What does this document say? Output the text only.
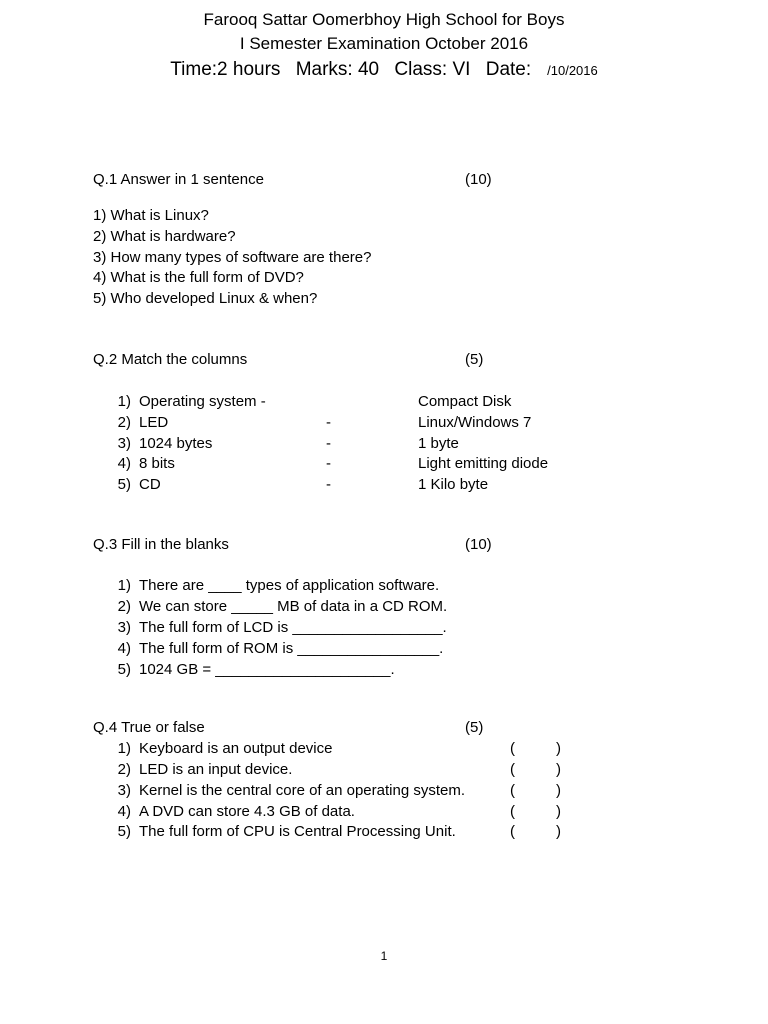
Farooq Sattar Oomerbhoy High School for Boys
I Semester Examination October 2016
Time:2 hours Marks: 40 Class: VI Date: /10/2016
Q.1 Answer in 1 sentence	(10)
1) What is Linux?
2) What is hardware?
3) How many types of software are there?
4) What is the full form of DVD?
5) Who developed Linux & when?
Q.2 Match the columns	(5)
1) Operating system -	Compact Disk
2) LED	-	Linux/Windows 7
3) 1024 bytes	-	1 byte
4) 8 bits	-	Light emitting diode
5) CD	-	1 Kilo byte
Q.3 Fill in the blanks	(10)
1) There are ____ types of application software.
2) We can store _____ MB of data in a CD ROM.
3) The full form of LCD is __________________.
4) The full form of ROM is _________________.
5) 1024 GB = _____________________.
Q.4 True or false	(5)
1) Keyboard is an output device	(	)
2) LED is an input device.	(	)
3) Kernel is the central core of an operating system.	(	)
4) A DVD can store 4.3 GB of data.	(	)
5) The full form of CPU is Central Processing Unit.	(	)
1
